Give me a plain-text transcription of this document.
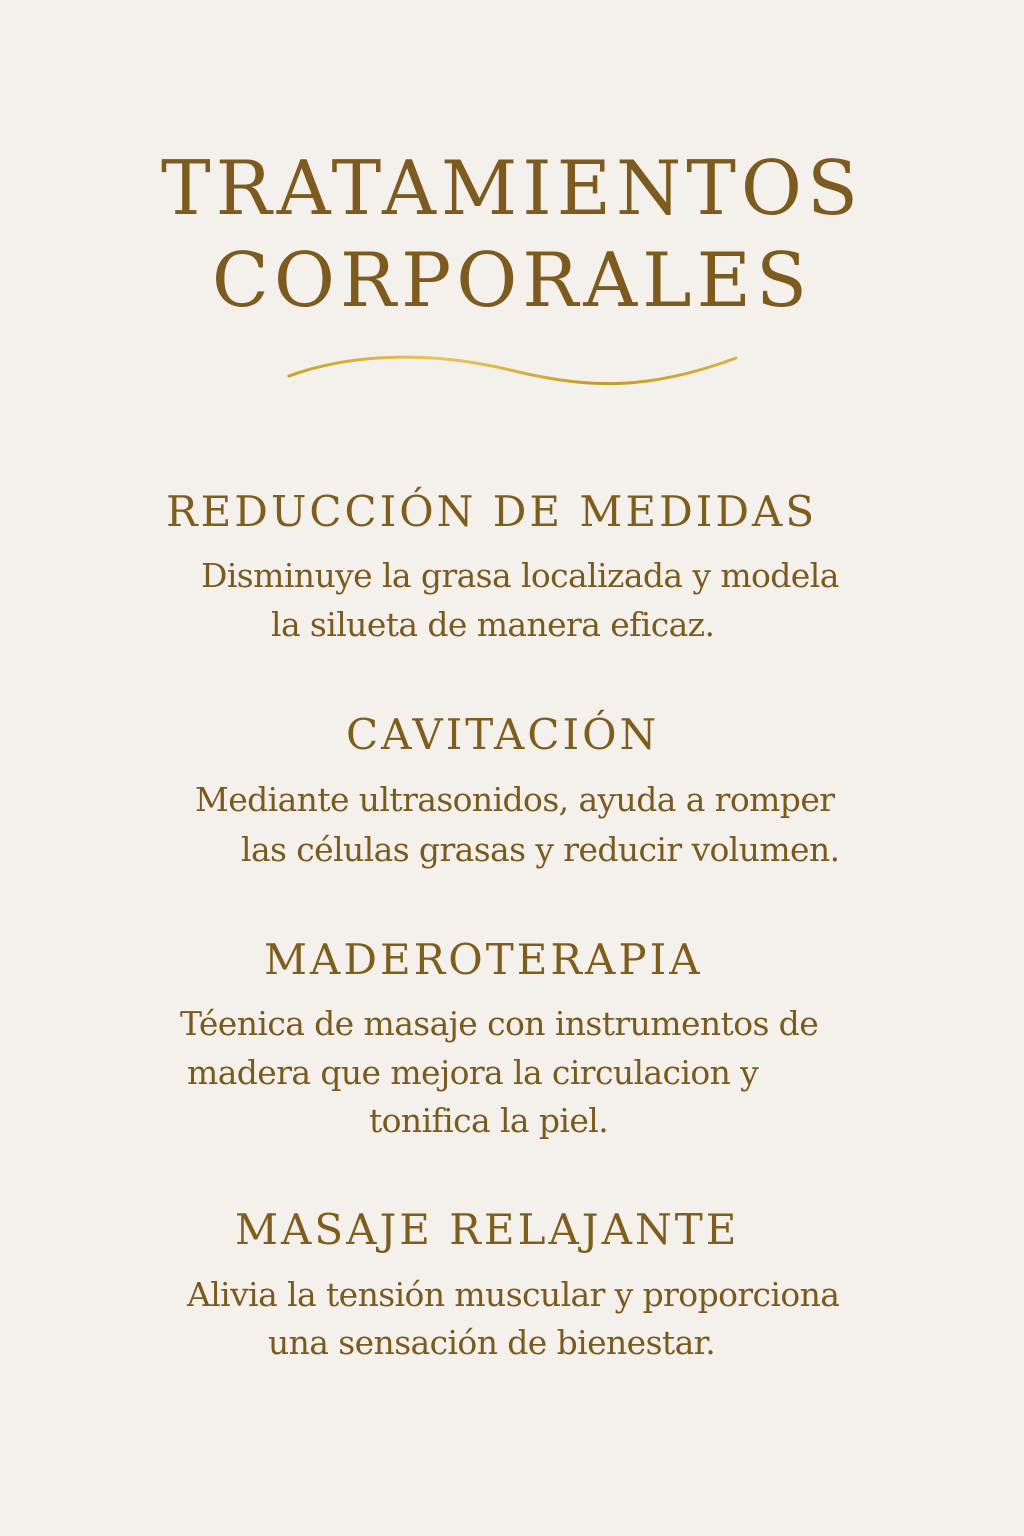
TRATAMIENTOS
CORPORALES
REDUCCIÓN DE MEDIDAS
Disminuye la grasa localizada y modela
la silueta de manera eficaz.
CAVITACIÓN
Mediante ultrasonidos, ayuda a romper
las células grasas y reducir volumen.
MADEROTERAPIA
Téenica de masaje con instrumentos de
madera que mejora la circulacion y
tonifica la piel.
MASAJE RELAJANTE
Alivia la tensión muscular y proporciona
una sensación de bienestar.
